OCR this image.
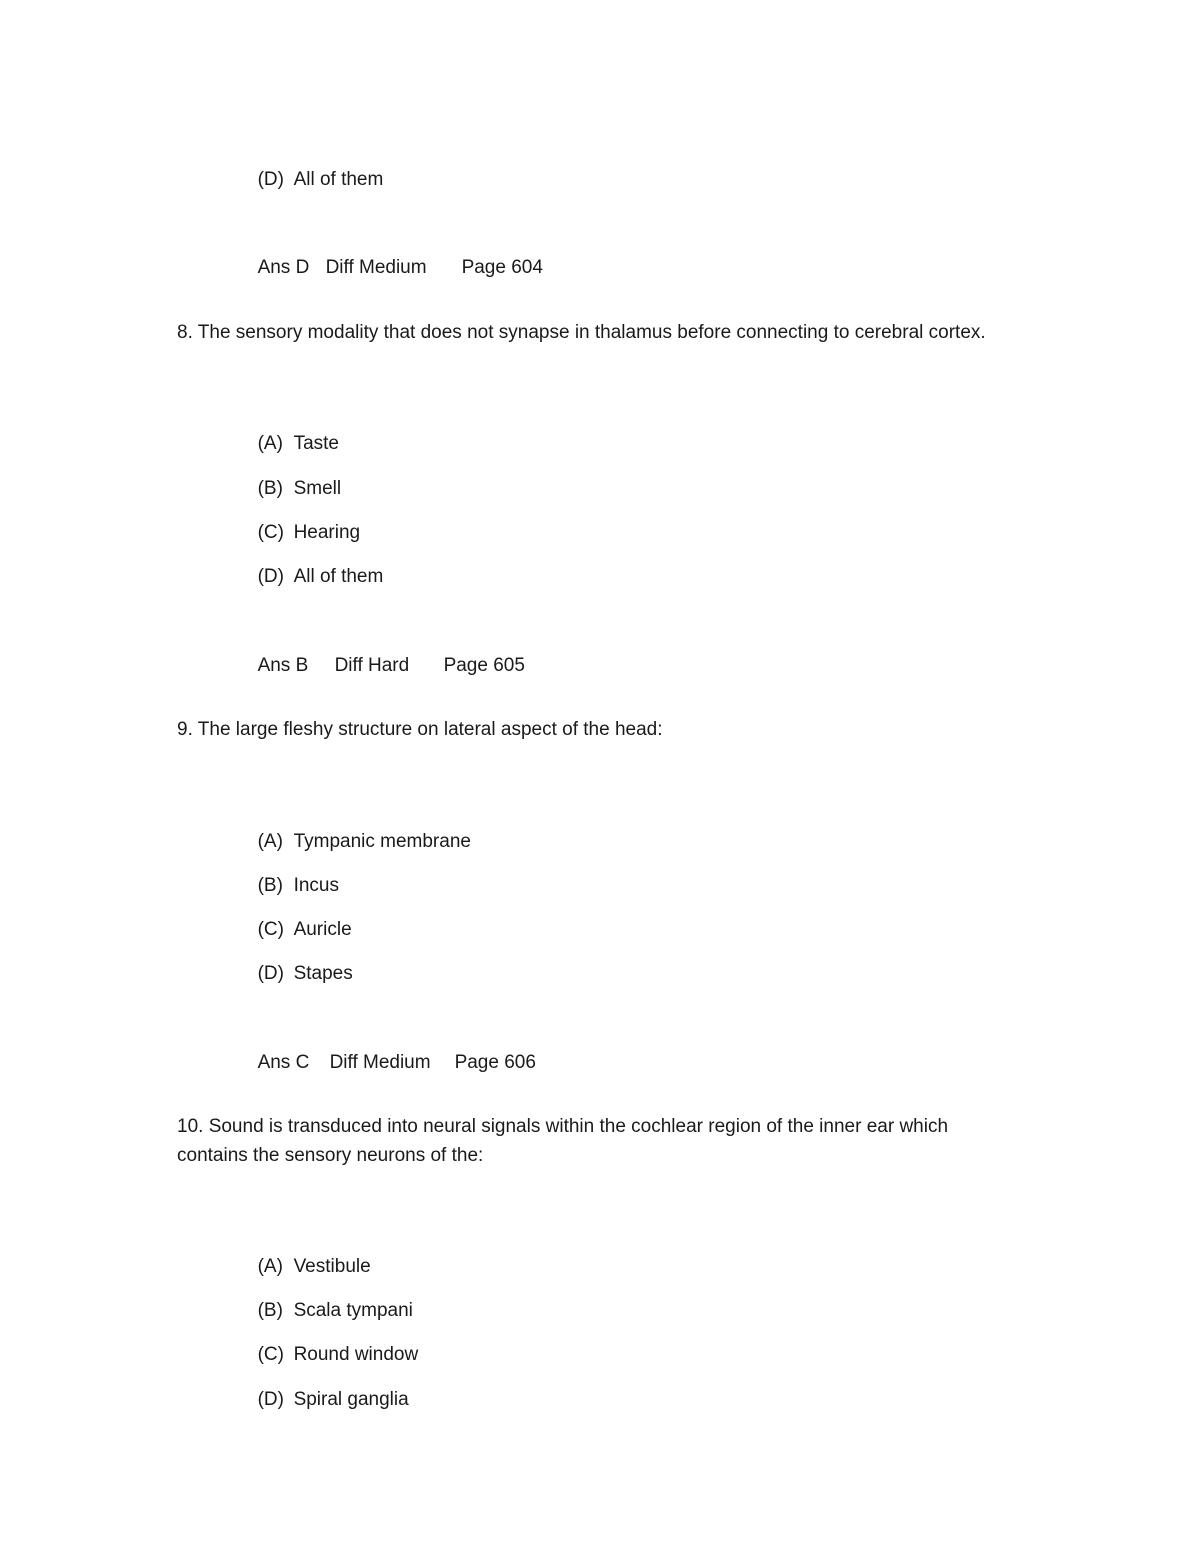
(D) All of them

Ans D Diff Medium Page 604

8. The sensory modality that does not synapse in thalamus before connecting to cerebral cortex.

(A) Taste

(B) Smell

(C) Hearing

(D) All of them

Ans B Diff Hard Page 605

9. The large fleshy structure on lateral aspect of the head:

(A) Tympanic membrane

(B) Incus

(C) Auricle

(D) Stapes

Ans C Diff Medium Page 606

10. Sound is transduced into neural signals within the cochlear region of the inner ear which
contains the sensory neurons of the:

(A) Vestibule

(B) Scala tympani

(C) Round window

(D) Spiral ganglia
